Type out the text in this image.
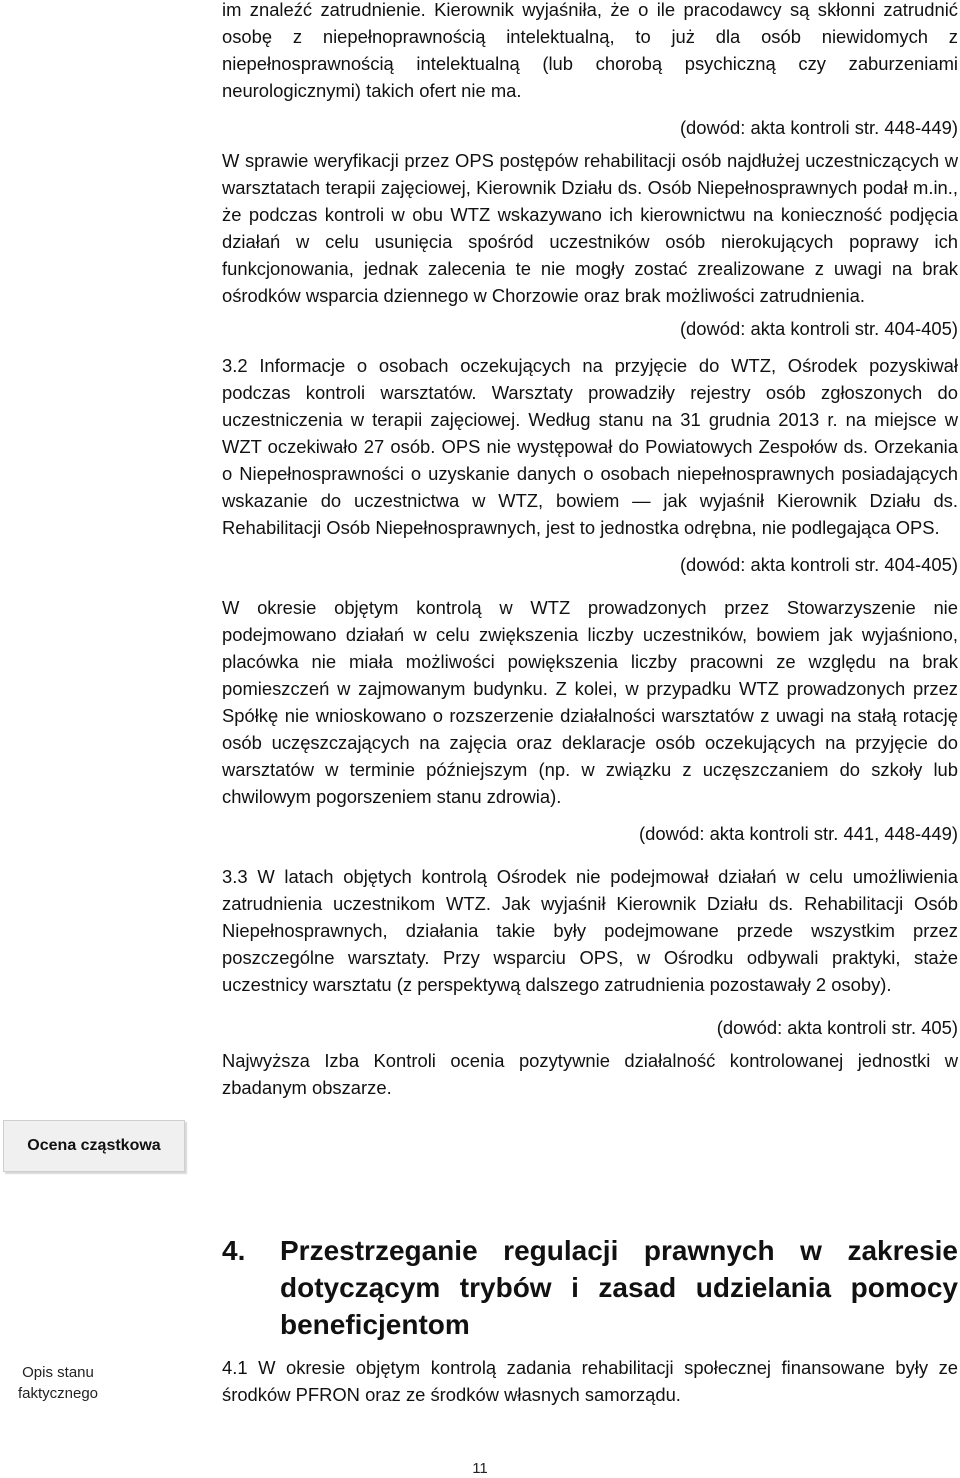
im znaleźć zatrudnienie. Kierownik wyjaśniła, że o ile pracodawcy są skłonni zatrudnić osobę z niepełnoprawnością intelektualną, to już dla osób niewidomych z niepełnosprawnością intelektualną (lub chorobą psychiczną czy zaburzeniami neurologicznymi) takich ofert nie ma.

(dowód: akta kontroli str. 448-449)

W sprawie weryfikacji przez OPS postępów rehabilitacji osób najdłużej uczestniczących w warsztatach terapii zajęciowej, Kierownik Działu ds. Osób Niepełnosprawnych podał m.in., że podczas kontroli w obu WTZ wskazywano ich kierownictwu na konieczność podjęcia działań w celu usunięcia spośród uczestników osób nierokujących poprawy ich funkcjonowania, jednak zalecenia te nie mogły zostać zrealizowane z uwagi na brak ośrodków wsparcia dziennego w Chorzowie oraz brak możliwości zatrudnienia.

(dowód: akta kontroli str. 404-405)

3.2 Informacje o osobach oczekujących na przyjęcie do WTZ, Ośrodek pozyskiwał podczas kontroli warsztatów. Warsztaty prowadziły rejestry osób zgłoszonych do uczestniczenia w terapii zajęciowej. Według stanu na 31 grudnia 2013 r. na miejsce w WZT oczekiwało 27 osób. OPS nie występował do Powiatowych Zespołów ds. Orzekania o Niepełnosprawności o uzyskanie danych o osobach niepełnosprawnych posiadających wskazanie do uczestnictwa w WTZ, bowiem — jak wyjaśnił Kierownik Działu ds. Rehabilitacji Osób Niepełnosprawnych, jest to jednostka odrębna, nie podlegająca OPS.

(dowód: akta kontroli str. 404-405)

W okresie objętym kontrolą w WTZ prowadzonych przez Stowarzyszenie nie podejmowano działań w celu zwiększenia liczby uczestników, bowiem jak wyjaśniono, placówka nie miała możliwości powiększenia liczby pracowni ze względu na brak pomieszczeń w zajmowanym budynku. Z kolei, w przypadku WTZ prowadzonych przez Spółkę nie wnioskowano o rozszerzenie działalności warsztatów z uwagi na stałą rotację osób uczęszczających na zajęcia oraz deklaracje osób oczekujących na przyjęcie do warsztatów w terminie późniejszym (np. w związku z uczęszczaniem do szkoły lub chwilowym pogorszeniem stanu zdrowia).

(dowód: akta kontroli str. 441, 448-449)

3.3 W latach objętych kontrolą Ośrodek nie podejmował działań w celu umożliwienia zatrudnienia uczestnikom WTZ. Jak wyjaśnił Kierownik Działu ds. Rehabilitacji Osób Niepełnosprawnych, działania takie były podejmowane przede wszystkim przez poszczególne warsztaty. Przy wsparciu OPS, w Ośrodku odbywali praktyki, staże uczestnicy warsztatu (z perspektywą dalszego zatrudnienia pozostawały 2 osoby).

(dowód: akta kontroli str. 405)

Najwyższa Izba Kontroli ocenia pozytywnie działalność kontrolowanej jednostki w zbadanym obszarze.

Ocena cząstkowa
4. Przestrzeganie regulacji prawnych w zakresie dotyczącym trybów i zasad udzielania pomocy beneficjentom
Opis stanu faktycznego
4.1 W okresie objętym kontrolą zadania rehabilitacji społecznej finansowane były ze środków PFRON oraz ze środków własnych samorządu.
11
